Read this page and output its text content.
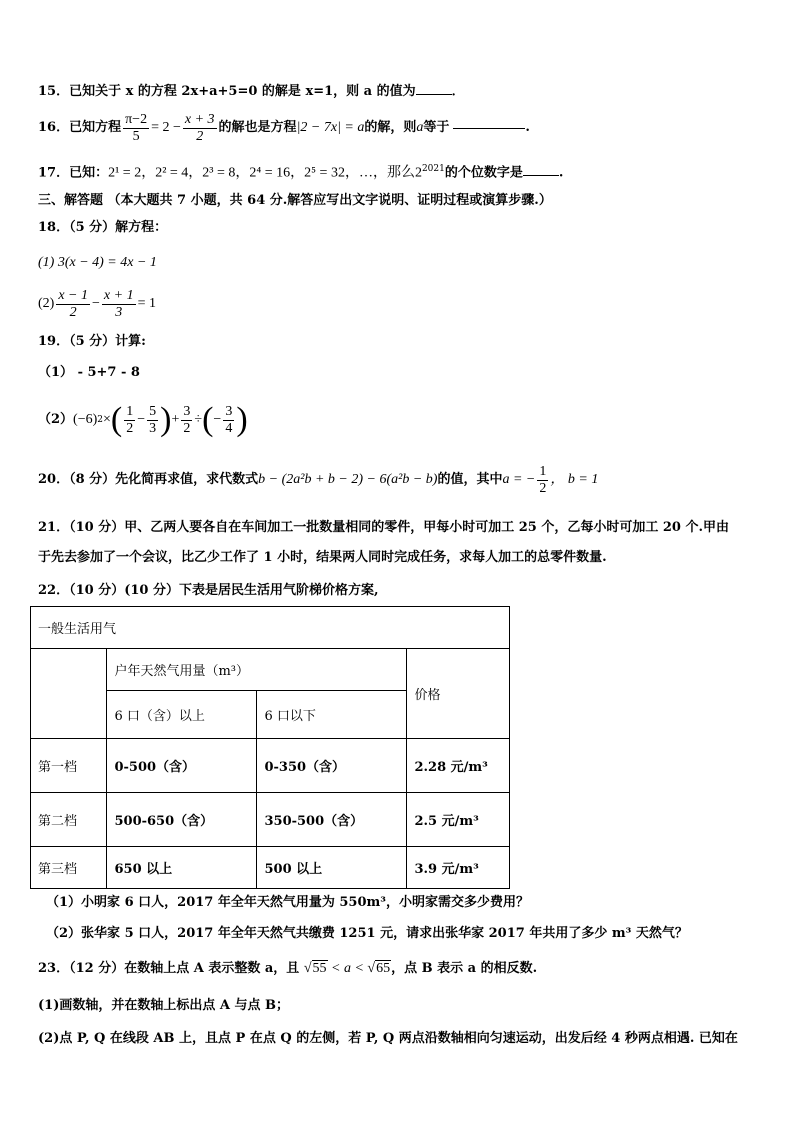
15．已知关于 x 的方程 2x+a+5=0 的解是 x=1，则 a 的值为	．
16． 已知方程 $\frac{\pi-2}{5} = 2 - \frac{x + 3}{2}$ 的解也是方程 |2 − 7x| = a 的解，则 a 等于	.
17．已知：2¹ = 2，2² = 4，2³ = 8，2⁴ = 16，2⁵ = 32，…，那么$2^{2021}$的个位数字是	.
三、解答题 （本大题共 7 小题，共 64 分.解答应写出文字说明、证明过程或演算步骤.）
18．（5 分）解方程：
(1) 3(x − 4) = 4x − 1
$(2) \frac{x - 1}{2} - \frac{x + 1}{3} = 1$
19．（5 分）计算:
（1） - 5+7 - 8
（2） (−6) 2 × ( $\frac{1}{2} - \frac{5}{3}$ ) + $\frac{3}{2}$ ÷ ( − $\frac{3}{4}$ )
20．（8 分）先化简再求值，求代数式 b − (2a²b + b − 2) − 6(a²b − b) 的值，其中 a = − $\frac{1}{2}$ ， b = 1
21．（10 分）甲、乙两人要各自在车间加工一批数量相同的零件，甲每小时可加工 25 个，乙每小时可加工 20 个.甲由
于先去参加了一个会议，比乙少工作了 1 小时，结果两人同时完成任务，求每人加工的总零件数量.
22．（10 分）(10 分）下表是居民生活用气阶梯价格方案,
一般生活用气			
	户年天然气用量（m³）		价格
	6 口（含）以上	6 口以下	
第一档	0-500（含）	0-350（含）	2.28 元/m³
第二档	500-650（含）	350-500（含）	2.5 元/m³
第三档	650 以上	500 以上	3.9 元/m³
（1）小明家 6 口人，2017 年全年天然气用量为 550m³，小明家需交多少费用？
（2）张华家 5 口人，2017 年全年天然气共缴费 1251 元，请求出张华家 2017 年共用了多少 m³ 天然气？
23．（12 分）在数轴上点 A 表示整数 a，且 √55 < a < √65，点 B 表示 a 的相反数.
(1)画数轴，并在数轴上标出点 A 与点 B；
(2)点 P, Q 在线段 AB 上，且点 P 在点 Q 的左侧，若 P, Q 两点沿数轴相向匀速运动，出发后经 4 秒两点相遇. 已知在
